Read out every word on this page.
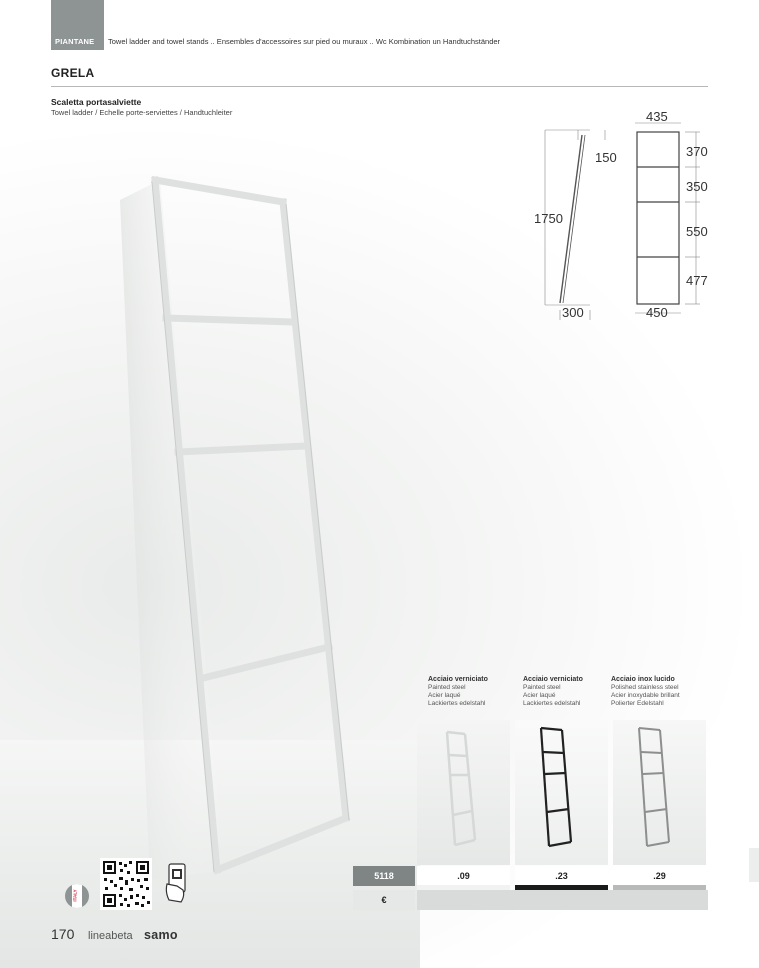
PIANTANE Towel ladder and towel stands .. Ensembles d'accessoires sur pied ou muraux .. Wc Kombination un Handtuchständer
GRELA
Scaletta portasalviette
Towel ladder / Echelle porte-serviettes / Handtuchleiter
1750
150
300
435
450
370
350
550
477
Acciaio verniciato
Painted steel
Acier laqué
Lackiertes edelstahl
Acciaio verniciato
Painted steel
Acier laqué
Lackiertes edelstahl
Acciaio inox lucido
Polished stainless steel
Acier inoxydable brillant
Polierter Edelstahl
5118
€
.09	.23	.29
ITALY
170 lineabeta samo
